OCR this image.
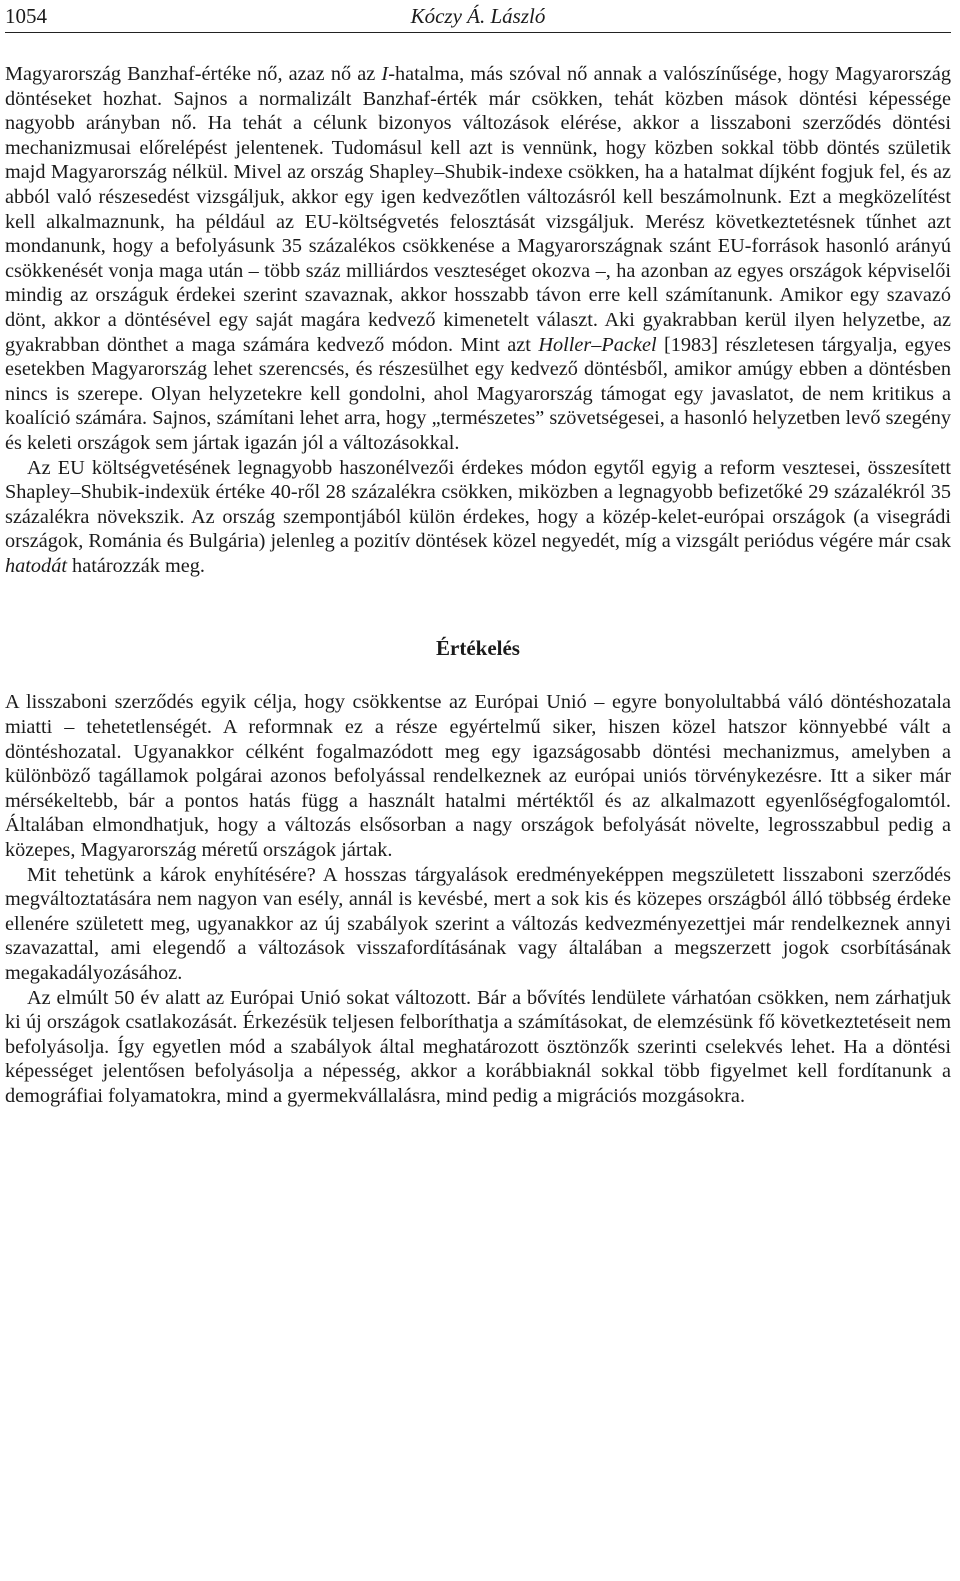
1054	Kóczy Á. László

Magyarország Banzhaf-értéke nő, azaz nő az I-hatalma, más szóval nő annak a valószínűsége, hogy Magyarország döntéseket hozhat. Sajnos a normalizált Banzhaf-érték már csökken, tehát közben mások döntési képessége nagyobb arányban nő. Ha tehát a célunk bizonyos változások elérése, akkor a lisszaboni szerződés döntési mechanizmusai előrelépést jelentenek. Tudomásul kell azt is vennünk, hogy közben sokkal több döntés születik majd Magyarország nélkül. Mivel az ország Shapley–Shubik-indexe csökken, ha a hatalmat díjként fogjuk fel, és az abból való részesedést vizsgáljuk, akkor egy igen kedvezőtlen változásról kell beszámolnunk. Ezt a megközelítést kell alkalmaznunk, ha például az EU-költségvetés felosztását vizsgáljuk. Merész következtetésnek tűnhet azt mondanunk, hogy a befolyásunk 35 százalékos csökkenése a Magyarországnak szánt EU-források hasonló arányú csökkenését vonja maga után – több száz milliárdos veszteséget okozva –, ha azonban az egyes országok képviselői mindig az országuk érdekei szerint szavaznak, akkor hosszabb távon erre kell számítanunk. Amikor egy szavazó dönt, akkor a döntésével egy saját magára kedvező kimenetelt választ. Aki gyakrabban kerül ilyen helyzetbe, az gyakrabban dönthet a maga számára kedvező módon. Mint azt Holler–Packel [1983] részletesen tárgyalja, egyes esetekben Magyarország lehet szerencsés, és részesülhet egy kedvező döntésből, amikor amúgy ebben a döntésben nincs is szerepe. Olyan helyzetekre kell gondolni, ahol Magyarország támogat egy javaslatot, de nem kritikus a koalíció számára. Sajnos, számítani lehet arra, hogy „természetes” szövetségesei, a hasonló helyzetben levő szegény és keleti országok sem jártak igazán jól a változásokkal.

Az EU költségvetésének legnagyobb haszonélvezői érdekes módon egytől egyig a reform vesztesei, összesített Shapley–Shubik-indexük értéke 40-ről 28 százalékra csökken, miközben a legnagyobb befizetőké 29 százalékról 35 százalékra növekszik. Az ország szempontjából külön érdekes, hogy a közép-kelet-európai országok (a visegrádi országok, Románia és Bulgária) jelenleg a pozitív döntések közel negyedét, míg a vizsgált periódus végére már csak hatodát határozzák meg.

Értékelés

A lisszaboni szerződés egyik célja, hogy csökkentse az Európai Unió – egyre bonyolultabbá váló döntéshozatala miatti – tehetetlenségét. A reformnak ez a része egyértelmű siker, hiszen közel hatszor könnyebbé vált a döntéshozatal. Ugyanakkor célként fogalmazódott meg egy igazságosabb döntési mechanizmus, amelyben a különböző tagállamok polgárai azonos befolyással rendelkeznek az európai uniós törvénykezésre. Itt a siker már mérsékeltebb, bár a pontos hatás függ a használt hatalmi mértéktől és az alkalmazott egyenlőségfogalomtól. Általában elmondhatjuk, hogy a változás elsősorban a nagy országok befolyását növelte, legrosszabbul pedig a közepes, Magyarország méretű országok jártak.

Mit tehetünk a károk enyhítésére? A hosszas tárgyalások eredményeképpen megszületett lisszaboni szerződés megváltoztatására nem nagyon van esély, annál is kevésbé, mert a sok kis és közepes országból álló többség érdeke ellenére született meg, ugyanakkor az új szabályok szerint a változás kedvezményezettjei már rendelkeznek annyi szavazattal, ami elegendő a változások visszafordításának vagy általában a megszerzett jogok csorbításának megakadályozásához.

Az elmúlt 50 év alatt az Európai Unió sokat változott. Bár a bővítés lendülete várhatóan csökken, nem zárhatjuk ki új országok csatlakozását. Érkezésük teljesen felboríthatja a számításokat, de elemzésünk fő következtetéseit nem befolyásolja. Így egyetlen mód a szabályok által meghatározott ösztönzők szerinti cselekvés lehet. Ha a döntési képességet jelentősen befolyásolja a népesség, akkor a korábbiaknál sokkal több figyelmet kell fordítanunk a demográfiai folyamatokra, mind a gyermekvállalásra, mind pedig a migrációs mozgásokra.
